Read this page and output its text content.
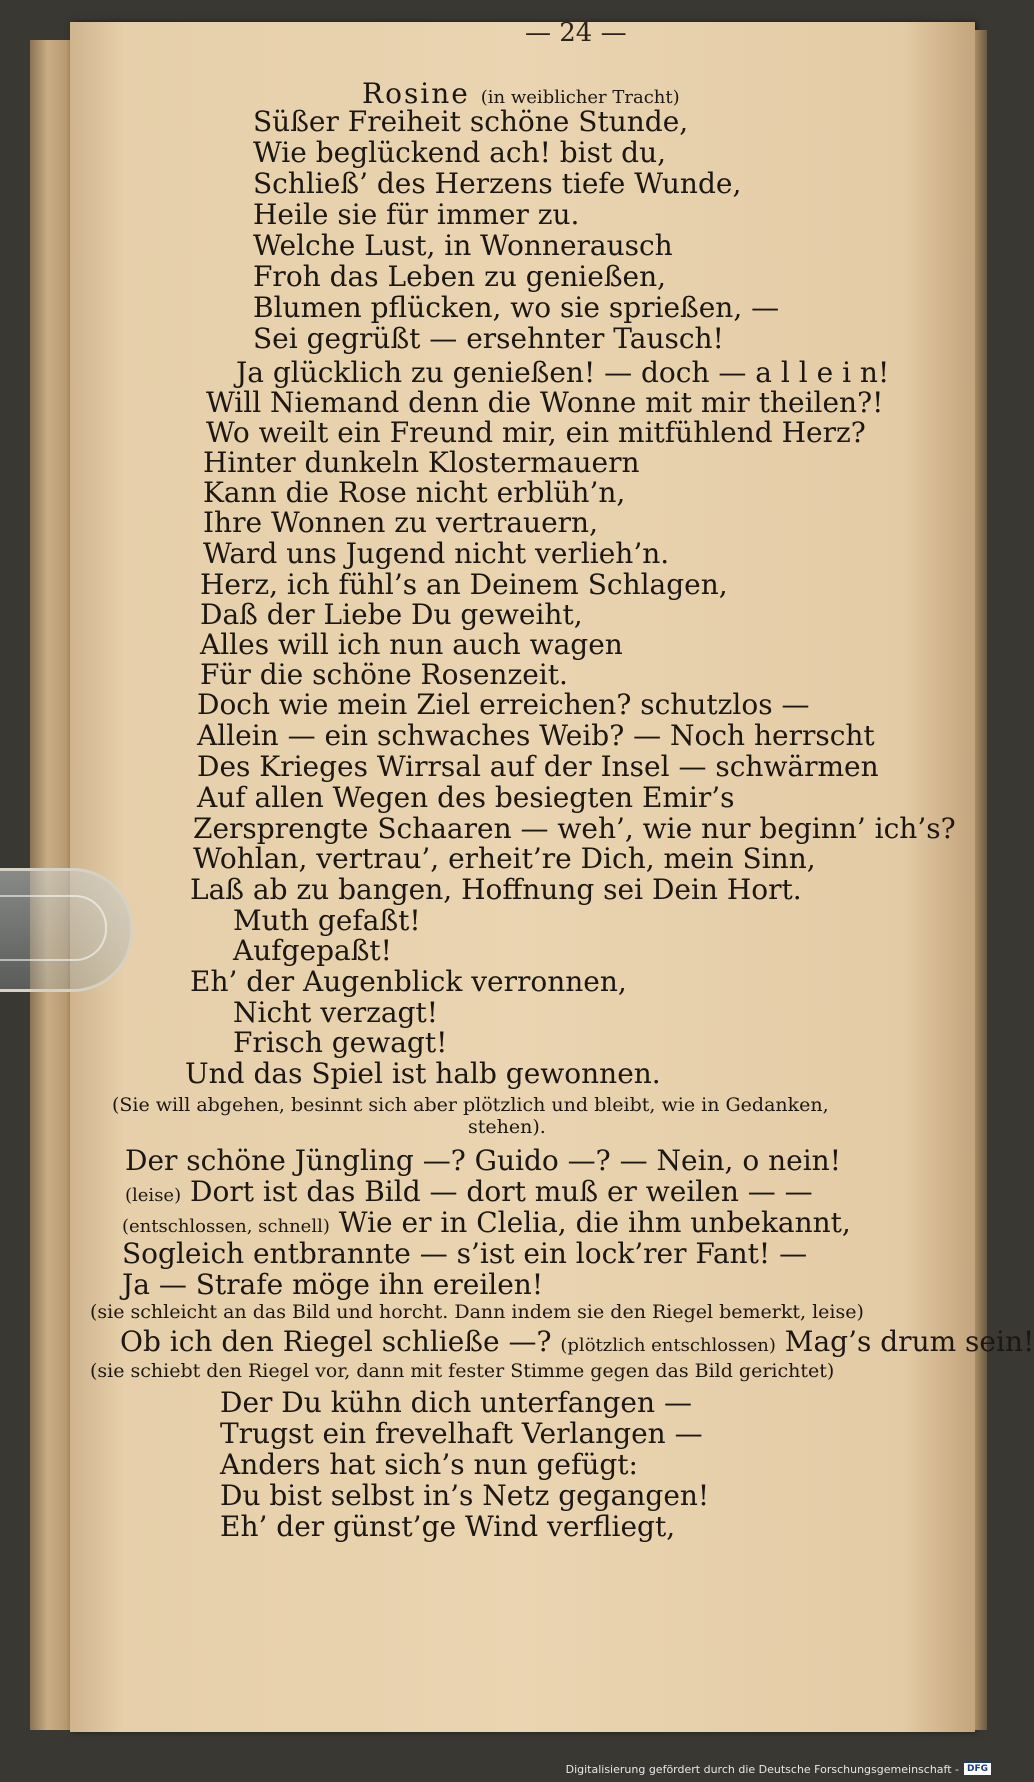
— 24 —
Rosine (in weiblicher Tracht)

Süßer Freiheit schöne Stunde,

Wie beglückend ach! bist du,

Schließ’ des Herzens tiefe Wunde,

Heile sie für immer zu.

Welche Lust, in Wonnerausch

Froh das Leben zu genießen,

Blumen pflücken, wo sie sprießen, —

Sei gegrüßt — ersehnter Tausch!

Ja glücklich zu genießen! — doch — a l l e i n!

Will Niemand denn die Wonne mit mir theilen?!

Wo weilt ein Freund mir, ein mitfühlend Herz?

Hinter dunkeln Klostermauern

Kann die Rose nicht erblüh’n,

Ihre Wonnen zu vertrauern,

Ward uns Jugend nicht verlieh’n.

Herz, ich fühl’s an Deinem Schlagen,

Daß der Liebe Du geweiht,

Alles will ich nun auch wagen

Für die schöne Rosenzeit.

Doch wie mein Ziel erreichen? schutzlos —

Allein — ein schwaches Weib? — Noch herrscht

Des Krieges Wirrsal auf der Insel — schwärmen

Auf allen Wegen des besiegten Emir’s

Zersprengte Schaaren — weh’, wie nur beginn’ ich’s?

Wohlan, vertrau’, erheit’re Dich, mein Sinn,

Laß ab zu bangen, Hoffnung sei Dein Hort.

Muth gefaßt!

Aufgepaßt!

Eh’ der Augenblick verronnen,

Nicht verzagt!

Frisch gewagt!

Und das Spiel ist halb gewonnen.

(Sie will abgehen, besinnt sich aber plötzlich und bleibt, wie in Gedanken,

stehen).

Der schöne Jüngling —? Guido —? — Nein, o nein!

(leise) Dort ist das Bild — dort muß er weilen — —

(entschlossen, schnell) Wie er in Clelia, die ihm unbekannt,

Sogleich entbrannte — s’ist ein lock’rer Fant! —

Ja — Strafe möge ihn ereilen!

(sie schleicht an das Bild und horcht. Dann indem sie den Riegel bemerkt, leise)

Ob ich den Riegel schließe —? (plötzlich entschlossen) Mag’s drum sein!

(sie schiebt den Riegel vor, dann mit fester Stimme gegen das Bild gerichtet)

Der Du kühn dich unterfangen —

Trugst ein frevelhaft Verlangen —

Anders hat sich’s nun gefügt:

Du bist selbst in’s Netz gegangen!

Eh’ der günst’ge Wind verfliegt,

Digitalisierung gefördert durch die Deutsche Forschungsgemeinschaft - DFG
